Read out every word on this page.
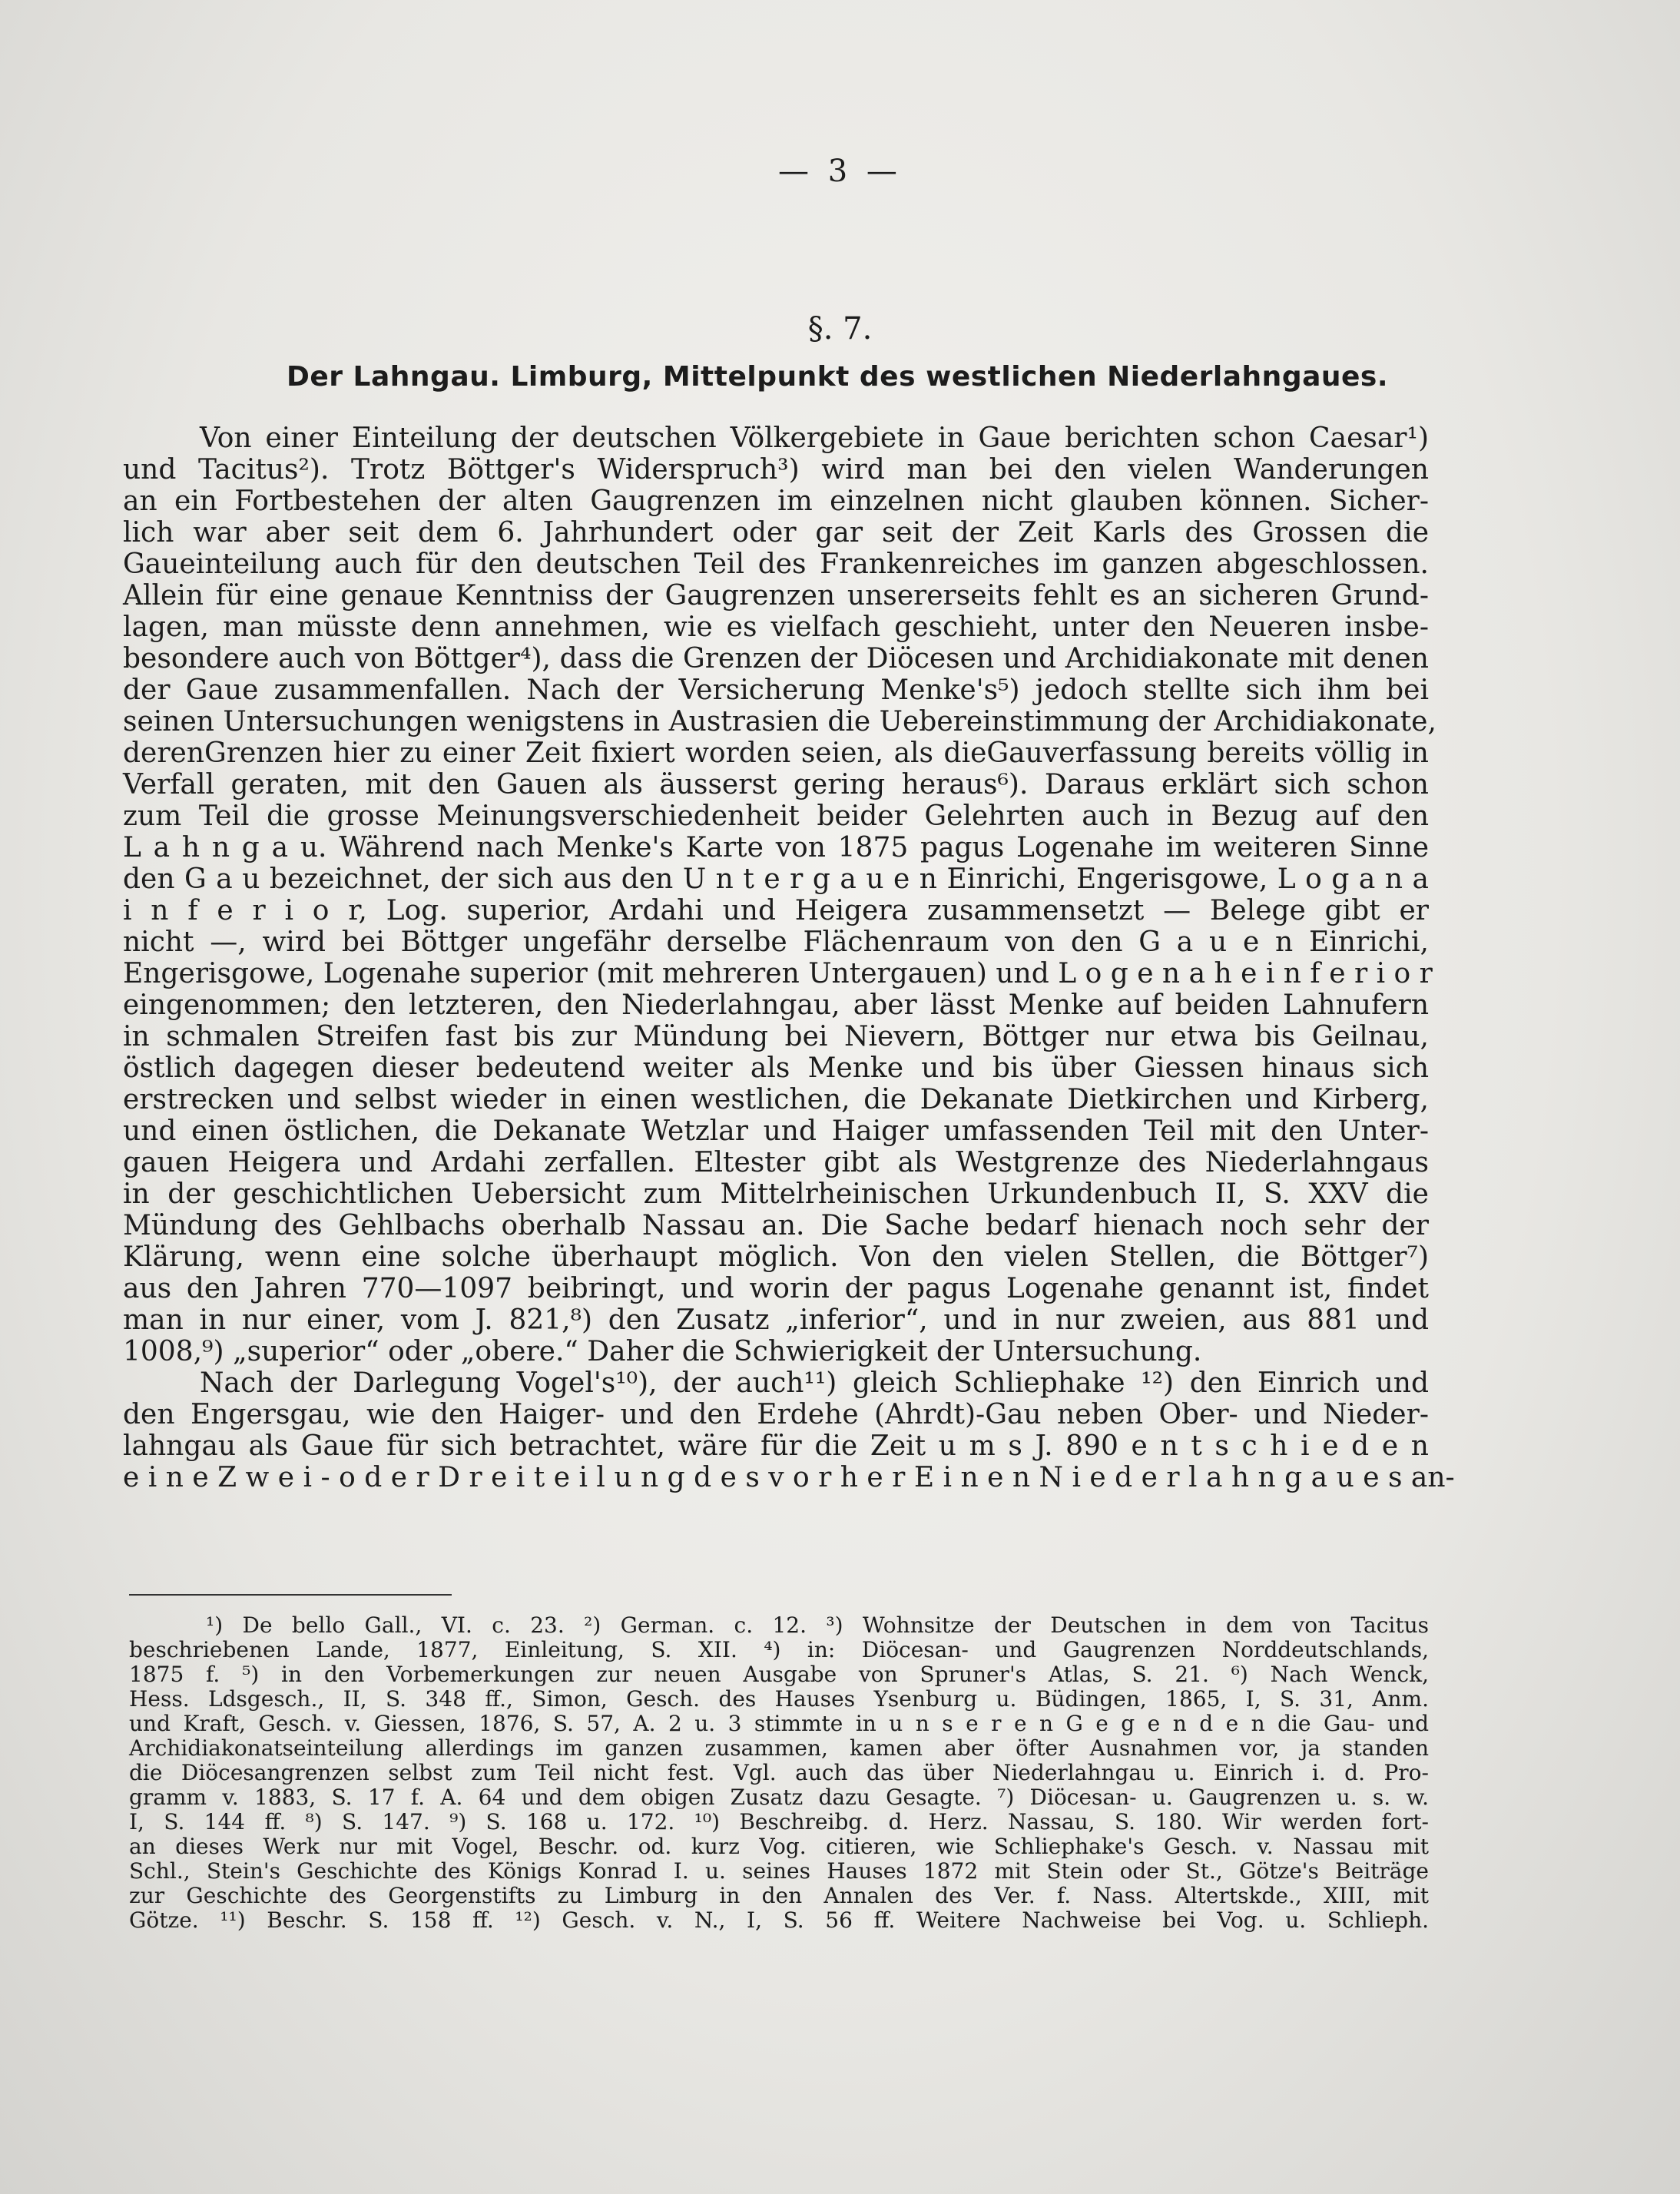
— 3 —
§. 7.
Der Lahngau. Limburg, Mittelpunkt des westlichen Niederlahngaues.
Von einer Einteilung der deutschen Völkergebiete in Gaue berichten schon Caesar¹)
und Tacitus²). Trotz Böttger's Widerspruch³) wird man bei den vielen Wanderungen
an ein Fortbestehen der alten Gaugrenzen im einzelnen nicht glauben können. Sicher-
lich war aber seit dem 6. Jahrhundert oder gar seit der Zeit Karls des Grossen die
Gaueinteilung auch für den deutschen Teil des Frankenreiches im ganzen abgeschlossen.
Allein für eine genaue Kenntniss der Gaugrenzen unsererseits fehlt es an sicheren Grund-
lagen, man müsste denn annehmen, wie es vielfach geschieht, unter den Neueren insbe-
besondere auch von Böttger⁴), dass die Grenzen der Diöcesen und Archidiakonate mit denen
der Gaue zusammenfallen. Nach der Versicherung Menke's⁵) jedoch stellte sich ihm bei
seinen Untersuchungen wenigstens in Austrasien die Uebereinstimmung der Archidiakonate,
derenGrenzen hier zu einer Zeit fixiert worden seien, als dieGauverfassung bereits völlig in
Verfall geraten, mit den Gauen als äusserst gering heraus⁶). Daraus erklärt sich schon
zum Teil die grosse Meinungsverschiedenheit beider Gelehrten auch in Bezug auf den
L a h n g a u. Während nach Menke's Karte von 1875 pagus Logenahe im weiteren Sinne
den G a u bezeichnet, der sich aus den U n t e r g a u e n Einrichi, Engerisgowe, L o g a n a
i n f e r i o r, Log. superior, Ardahi und Heigera zusammensetzt — Belege gibt er
nicht —, wird bei Böttger ungefähr derselbe Flächenraum von den G a u e n Einrichi,
Engerisgowe, Logenahe superior (mit mehreren Untergauen) und L o g e n a h e i n f e r i o r
eingenommen; den letzteren, den Niederlahngau, aber lässt Menke auf beiden Lahnufern
in schmalen Streifen fast bis zur Mündung bei Nievern, Böttger nur etwa bis Geilnau,
östlich dagegen dieser bedeutend weiter als Menke und bis über Giessen hinaus sich
erstrecken und selbst wieder in einen westlichen, die Dekanate Dietkirchen und Kirberg,
und einen östlichen, die Dekanate Wetzlar und Haiger umfassenden Teil mit den Unter-
gauen Heigera und Ardahi zerfallen. Eltester gibt als Westgrenze des Niederlahngaus
in der geschichtlichen Uebersicht zum Mittelrheinischen Urkundenbuch II, S. XXV die
Mündung des Gehlbachs oberhalb Nassau an. Die Sache bedarf hienach noch sehr der
Klärung, wenn eine solche überhaupt möglich. Von den vielen Stellen, die Böttger⁷)
aus den Jahren 770—1097 beibringt, und worin der pagus Logenahe genannt ist, findet
man in nur einer, vom J. 821,⁸) den Zusatz „inferior“, und in nur zweien, aus 881 und
1008,⁹) „superior“ oder „obere.“ Daher die Schwierigkeit der Untersuchung.
Nach der Darlegung Vogel's¹⁰), der auch¹¹) gleich Schliephake ¹²) den Einrich und
den Engersgau, wie den Haiger- und den Erdehe (Ahrdt)-Gau neben Ober- und Nieder-
lahngau als Gaue für sich betrachtet, wäre für die Zeit u m s J. 890 e n t s c h i e d e n
e i n e Z w e i - o d e r D r e i t e i l u n g d e s v o r h e r E i n e n N i e d e r l a h n g a u e s an-
¹) De bello Gall., VI. c. 23. ²) German. c. 12. ³) Wohnsitze der Deutschen in dem von Tacitus
beschriebenen Lande, 1877, Einleitung, S. XII. ⁴) in: Diöcesan- und Gaugrenzen Norddeutschlands,
1875 f. ⁵) in den Vorbemerkungen zur neuen Ausgabe von Spruner's Atlas, S. 21. ⁶) Nach Wenck,
Hess. Ldsgesch., II, S. 348 ff., Simon, Gesch. des Hauses Ysenburg u. Büdingen, 1865, I, S. 31, Anm.
und Kraft, Gesch. v. Giessen, 1876, S. 57, A. 2 u. 3 stimmte in u n s e r e n G e g e n d e n die Gau- und
Archidiakonatseinteilung allerdings im ganzen zusammen, kamen aber öfter Ausnahmen vor, ja standen
die Diöcesangrenzen selbst zum Teil nicht fest. Vgl. auch das über Niederlahngau u. Einrich i. d. Pro-
gramm v. 1883, S. 17 f. A. 64 und dem obigen Zusatz dazu Gesagte. ⁷) Diöcesan- u. Gaugrenzen u. s. w.
I, S. 144 ff. ⁸) S. 147. ⁹) S. 168 u. 172. ¹⁰) Beschreibg. d. Herz. Nassau, S. 180. Wir werden fort-
an dieses Werk nur mit Vogel, Beschr. od. kurz Vog. citieren, wie Schliephake's Gesch. v. Nassau mit
Schl., Stein's Geschichte des Königs Konrad I. u. seines Hauses 1872 mit Stein oder St., Götze's Beiträge
zur Geschichte des Georgenstifts zu Limburg in den Annalen des Ver. f. Nass. Altertskde., XIII, mit
Götze. ¹¹) Beschr. S. 158 ff. ¹²) Gesch. v. N., I, S. 56 ff. Weitere Nachweise bei Vog. u. Schlieph.
